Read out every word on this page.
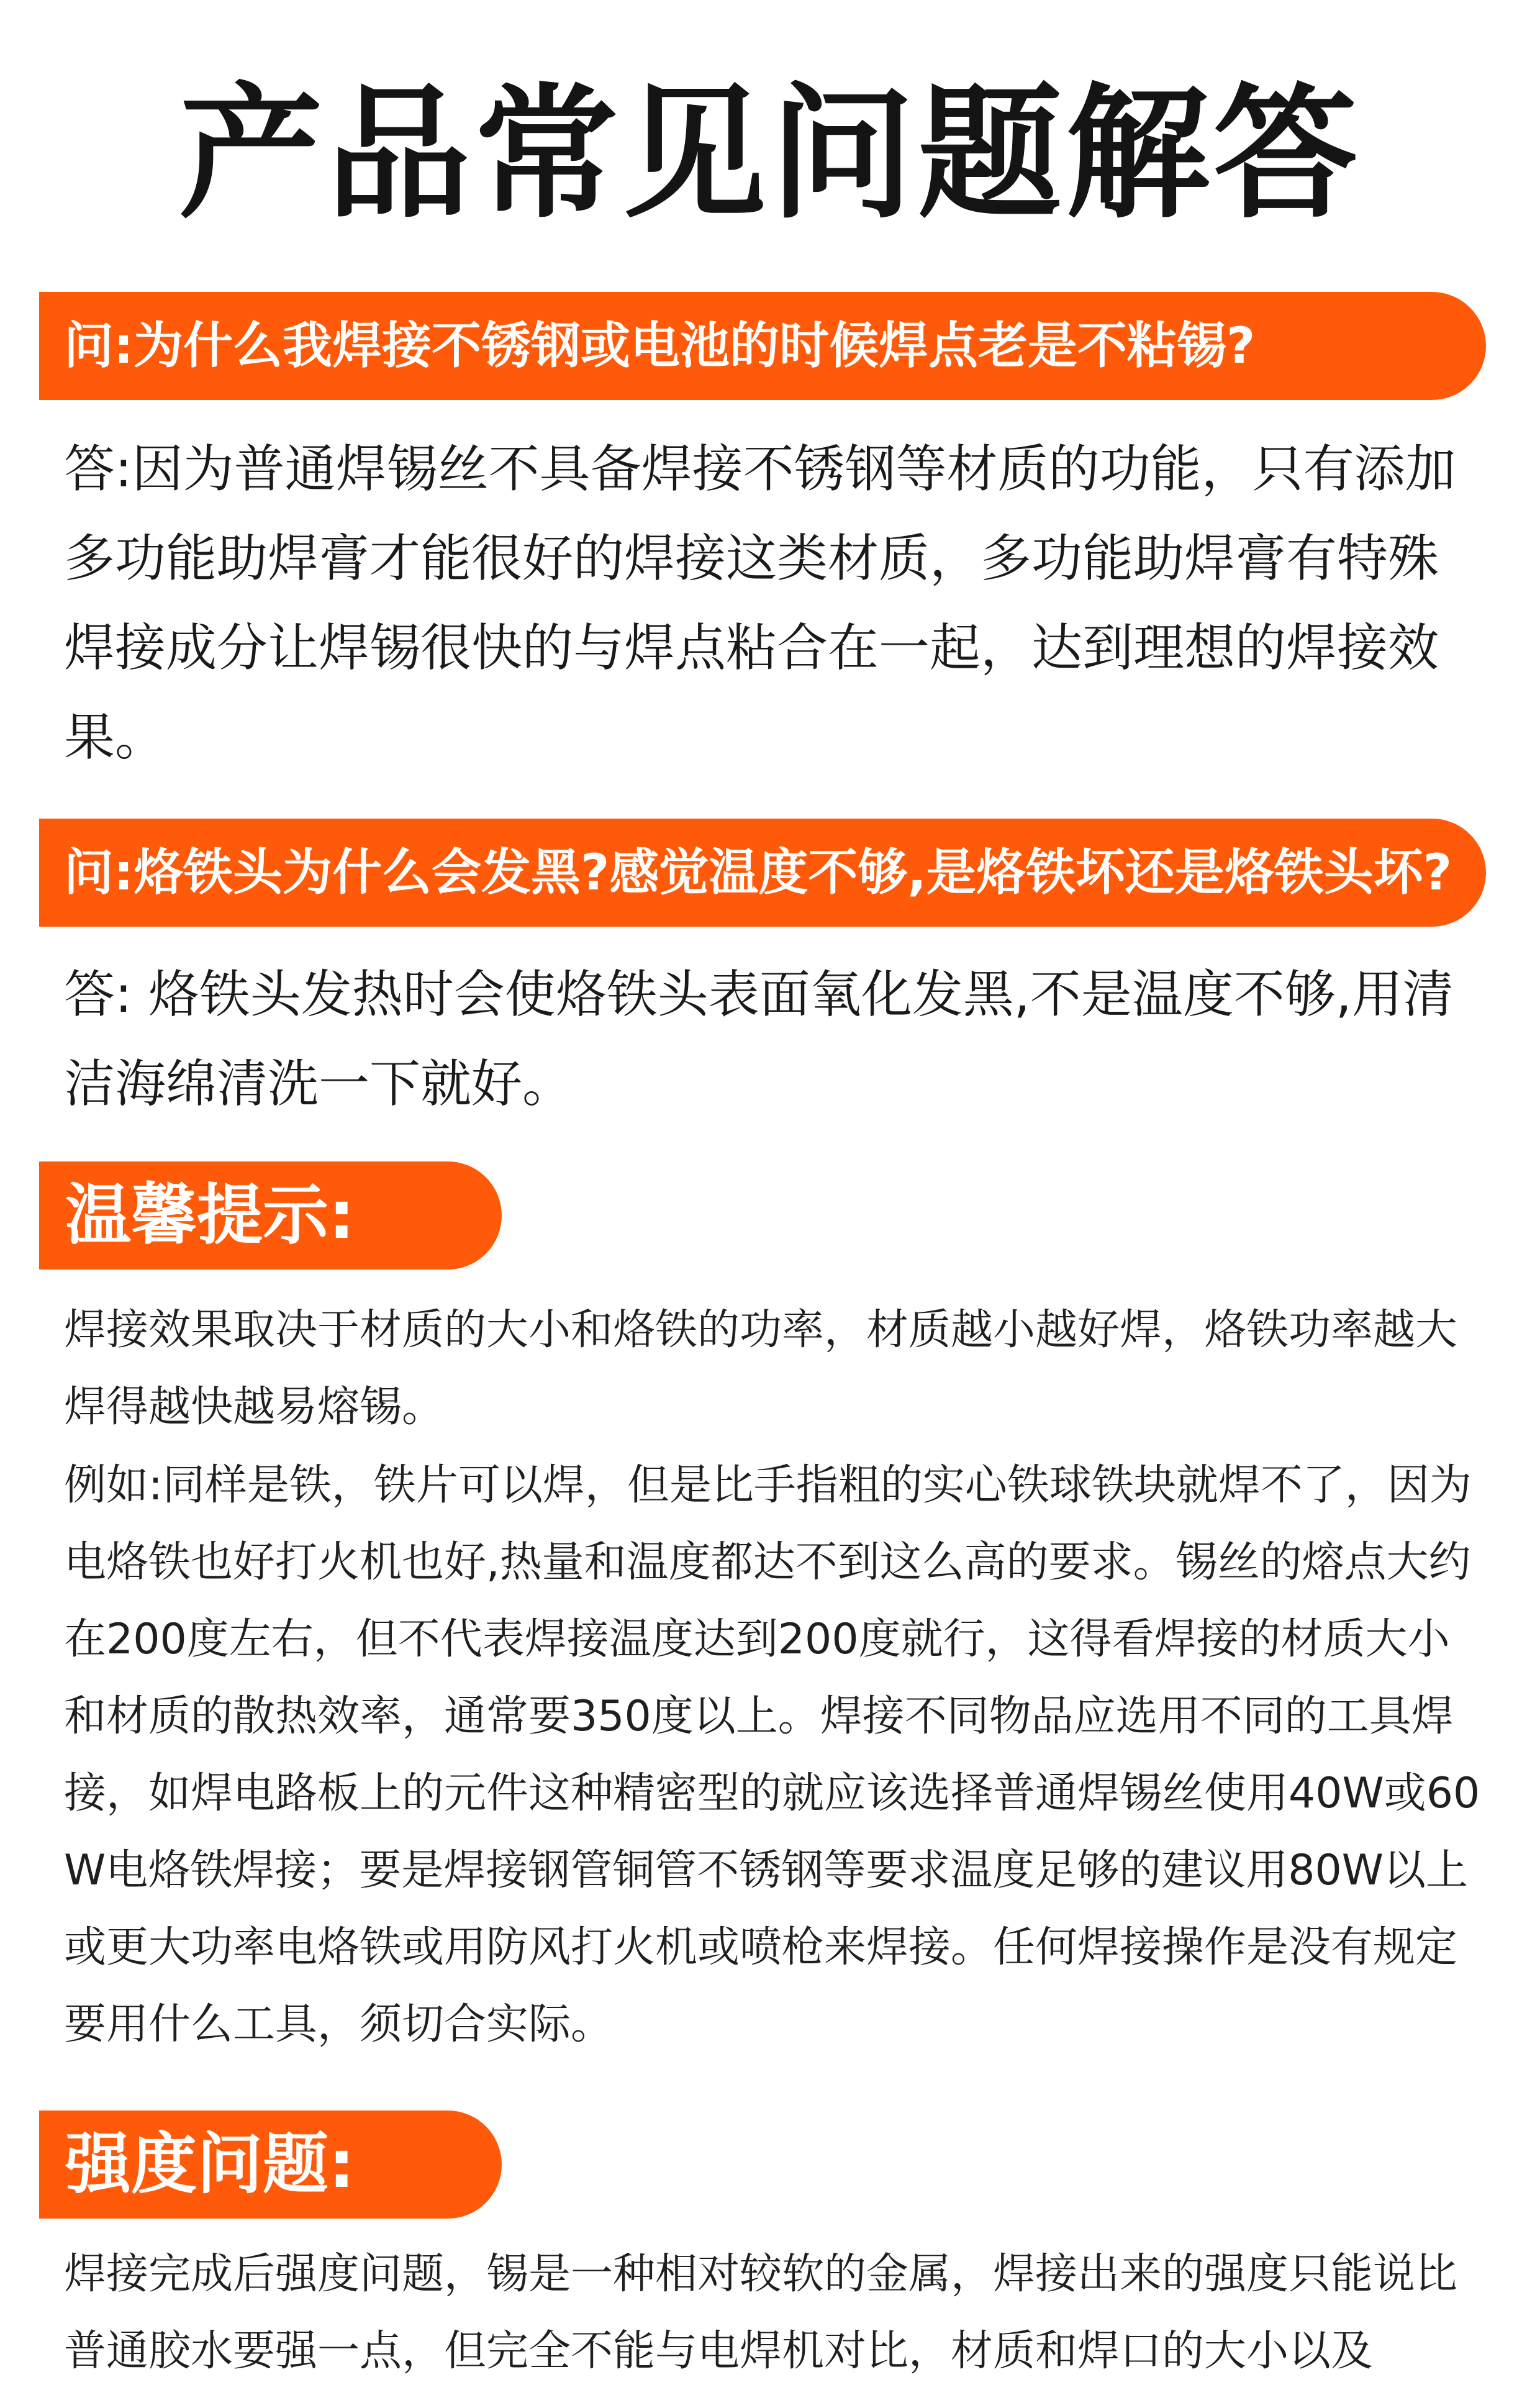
产品常见问题解答
问:为什么我焊接不锈钢或电池的时候焊点老是不粘锡?

答:因为普通焊锡丝不具备焊接不锈钢等材质的功能，只有添加多功能助焊膏才能很好的焊接这类材质，多功能助焊膏有特殊焊接成分让焊锡很快的与焊点粘合在一起，达到理想的焊接效果。

问:烙铁头为什么会发黑?感觉温度不够,是烙铁坏还是烙铁头坏?

答: 烙铁头发热时会使烙铁头表面氧化发黑,不是温度不够,用清洁海绵清洗一下就好。

温馨提示:

焊接效果取决于材质的大小和烙铁的功率，材质越小越好焊，烙铁功率越大焊得越快越易熔锡。

例如:同样是铁，铁片可以焊，但是比手指粗的实心铁球铁块就焊不了，因为电烙铁也好打火机也好,热量和温度都达不到这么高的要求。锡丝的熔点大约在200度左右，但不代表焊接温度达到200度就行，这得看焊接的材质大小和材质的散热效率，通常要350度以上。焊接不同物品应选用不同的工具焊接，如焊电路板上的元件这种精密型的就应该选择普通焊锡丝使用40W或60W电烙铁焊接；要是焊接钢管铜管不锈钢等要求温度足够的建议用80W以上或更大功率电烙铁或用防风打火机或喷枪来焊接。任何焊接操作是没有规定要用什么工具，须切合实际。

强度问题:

焊接完成后强度问题，锡是一种相对较软的金属，焊接出来的强度只能说比普通胶水要强一点，但完全不能与电焊机对比，材质和焊口的大小以及
